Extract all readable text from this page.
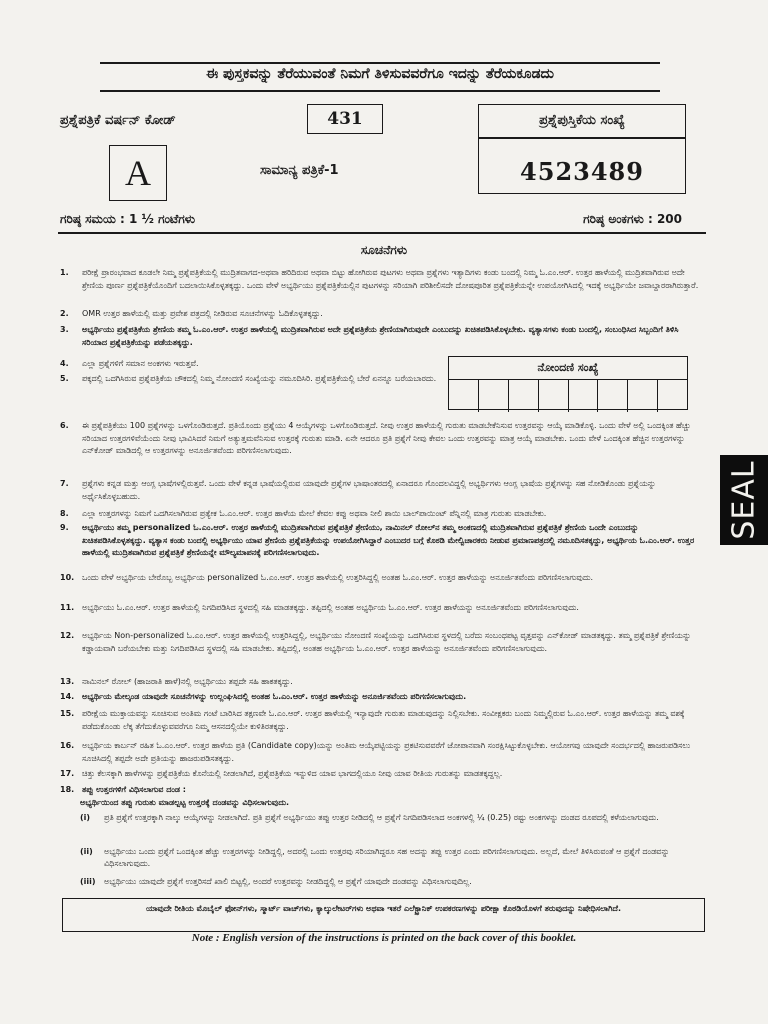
ಈ ಪುಸ್ತಕವನ್ನು ತೆರೆಯುವಂತೆ ನಿಮಗೆ ತಿಳಿಸುವವರೆಗೂ ಇದನ್ನು ತೆರೆಯಕೂಡದು
ಪ್ರಶ್ನೆಪತ್ರಿಕೆ ವರ್ಷನ್ ಕೋಡ್	431	ಪ್ರಶ್ನೆಪುಸ್ತಿಕೆಯ ಸಂಖ್ಯೆ
4523489
A	ಸಾಮಾನ್ಯ ಪತ್ರಿಕೆ-1
ಗರಿಷ್ಠ ಸಮಯ : 1 ½ ಗಂಟೆಗಳು	ಗರಿಷ್ಠ ಅಂಕಗಳು : 200
ಸೂಚನೆಗಳು
1.	ಪರೀಕ್ಷೆ ಪ್ರಾರಂಭವಾದ ಕೂಡಲೇ ನಿಮ್ಮ ಪ್ರಶ್ನೆಪತ್ರಿಕೆಯಲ್ಲಿ ಮುದ್ರಿತವಾಗದ-ಅಥವಾ ಹರಿದಿರುವ ಅಥವಾ ಬಿಟ್ಟು ಹೋಗಿರುವ ಪುಟಗಳು ಅಥವಾ ಪ್ರಶ್ನೆಗಳು ಇತ್ಯಾದಿಗಳು ಕಂಡು ಬಂದಲ್ಲಿ ನಿಮ್ಮ ಓ.ಎಂ.ಆರ್. ಉತ್ತರ ಹಾಳೆಯಲ್ಲಿ ಮುದ್ರಿತವಾಗಿರುವ ಅದೇ ಶ್ರೇಣಿಯ ಪೂರ್ಣ ಪ್ರಶ್ನೆಪತ್ರಿಕೆಯೊಂದಿಗೆ ಬದಲಾಯಿಸಿಕೊಳ್ಳತಕ್ಕದ್ದು. ಒಂದು ವೇಳೆ ಅಭ್ಯರ್ಥಿಯು ಪ್ರಶ್ನೆಪತ್ರಿಕೆಯಲ್ಲಿನ ಪುಟಗಳನ್ನು ಸರಿಯಾಗಿ ಪರಿಶೀಲಿಸದೇ ದೋಷಪೂರಿತ ಪ್ರಶ್ನೆಪತ್ರಿಕೆಯನ್ನೇ ಉಪಯೋಗಿಸಿದಲ್ಲಿ ಇದಕ್ಕೆ ಅಭ್ಯರ್ಥಿಯೇ ಜವಾಬ್ದಾರರಾಗಿರುತ್ತಾರೆ.
2.	OMR ಉತ್ತರ ಹಾಳೆಯಲ್ಲಿ ಮತ್ತು ಪ್ರವೇಶ ಪತ್ರದಲ್ಲಿ ನೀಡಿರುವ ಸೂಚನೆಗಳನ್ನು ಓದಿಕೊಳ್ಳತಕ್ಕದ್ದು.
3.	ಅಭ್ಯರ್ಥಿಯು ಪ್ರಶ್ನೆಪತ್ರಿಕೆಯ ಶ್ರೇಣಿಯ ತಮ್ಮ ಓ.ಎಂ.ಆರ್. ಉತ್ತರ ಹಾಳೆಯಲ್ಲಿ ಮುದ್ರಿತವಾಗಿರುವ ಅದೇ ಪ್ರಶ್ನೆಪತ್ರಿಕೆಯ ಶ್ರೇಣಿಯಾಗಿರುವುದೇ ಎಂಬುದನ್ನು ಖಚಿತಪಡಿಸಿಕೊಳ್ಳಬೇಕು. ವ್ಯತ್ಯಾಸಗಳು ಕಂಡು ಬಂದಲ್ಲಿ, ಸಂಬಂಧಿಸಿದ ಸಿಬ್ಬಂದಿಗೆ ತಿಳಿಸಿ ಸರಿಯಾದ ಪ್ರಶ್ನೆಪತ್ರಿಕೆಯನ್ನು ಪಡೆಯತಕ್ಕದ್ದು.
4.	ಎಲ್ಲಾ ಪ್ರಶ್ನೆಗಳಿಗೆ ಸಮಾನ ಅಂಕಗಳು ಇರುತ್ತವೆ.
5.	ಪಕ್ಕದಲ್ಲಿ ಒದಗಿಸಿರುವ ಪ್ರಶ್ನೆಪತ್ರಿಕೆಯ ಚೌಕದಲ್ಲಿ ನಿಮ್ಮ ನೋಂದಣಿ ಸಂಖ್ಯೆಯನ್ನು ನಮೂದಿಸಿರಿ. ಪ್ರಶ್ನೆಪತ್ರಿಕೆಯಲ್ಲಿ ಬೇರೆ ಏನನ್ನೂ ಬರೆಯಬಾರದು.
6.	ಈ ಪ್ರಶ್ನೆಪತ್ರಿಕೆಯು 100 ಪ್ರಶ್ನೆಗಳನ್ನು ಒಳಗೊಂಡಿರುತ್ತದೆ. ಪ್ರತಿಯೊಂದು ಪ್ರಶ್ನೆಯು 4 ಆಯ್ಕೆಗಳನ್ನು ಒಳಗೊಂಡಿರುತ್ತದೆ. ನೀವು ಉತ್ತರ ಹಾಳೆಯಲ್ಲಿ ಗುರುತು ಮಾಡಬೇಕೆನಿಸುವ ಉತ್ತರವನ್ನು ಆಯ್ಕೆ ಮಾಡಿಕೊಳ್ಳಿ. ಒಂದು ವೇಳೆ ಅಲ್ಲಿ ಒಂದಕ್ಕಿಂತ ಹೆಚ್ಚು ಸರಿಯಾದ ಉತ್ತರಗಳಿವೆಯೆಂದು ನೀವು ಭಾವಿಸಿದರೆ ನಿಮಗೆ ಅತ್ಯುತ್ತಮವೆನಿಸುವ ಉತ್ತರಕ್ಕೆ ಗುರುತು ಮಾಡಿ. ಏನೇ ಆದರೂ ಪ್ರತಿ ಪ್ರಶ್ನೆಗೆ ನೀವು ಕೇವಲ ಒಂದು ಉತ್ತರವನ್ನು ಮಾತ್ರ ಆಯ್ಕೆ ಮಾಡಬೇಕು. ಒಂದು ವೇಳೆ ಒಂದಕ್ಕಿಂತ ಹೆಚ್ಚಿನ ಉತ್ತರಗಳನ್ನು ಎನ್‌ಕೋಡ್ ಮಾಡಿದಲ್ಲಿ ಆ ಉತ್ತರಗಳನ್ನು ಅನೂರ್ಜಿತವೆಂದು ಪರಿಗಣಿಸಲಾಗುವುದು.
7.	ಪ್ರಶ್ನೆಗಳು ಕನ್ನಡ ಮತ್ತು ಆಂಗ್ಲ ಭಾಷೆಗಳಲ್ಲಿರುತ್ತವೆ. ಒಂದು ವೇಳೆ ಕನ್ನಡ ಭಾಷೆಯಲ್ಲಿರುವ ಯಾವುದೇ ಪ್ರಶ್ನೆಗಳ ಭಾಷಾಂತರದಲ್ಲಿ ಏನಾದರೂ ಗೊಂದಲವಿದ್ದಲ್ಲಿ ಅಭ್ಯರ್ಥಿಗಳು ಆಂಗ್ಲ ಭಾಷೆಯ ಪ್ರಶ್ನೆಗಳನ್ನು ಸಹ ನೋಡಿಕೊಂಡು ಪ್ರಶ್ನೆಯನ್ನು ಅರ್ಥೈಸಿಕೊಳ್ಳಬಹುದು.
8.	ಎಲ್ಲಾ ಉತ್ತರಗಳನ್ನು ನಿಮಗೆ ಒದಗಿಸಲಾಗಿರುವ ಪ್ರತ್ಯೇಕ ಓ.ಎಂ.ಆರ್. ಉತ್ತರ ಹಾಳೆಯ ಮೇಲೆ ಕೇವಲ ಕಪ್ಪು ಅಥವಾ ನೀಲಿ ಶಾಯಿ ಬಾಲ್‌ಪಾಯಿಂಟ್ ಪೆನ್ನಿನಲ್ಲಿ ಮಾತ್ರ ಗುರುತು ಮಾಡಬೇಕು.
9.	ಅಭ್ಯರ್ಥಿಯು ತಮ್ಮ personalized ಓ.ಎಂ.ಆರ್. ಉತ್ತರ ಹಾಳೆಯಲ್ಲಿ ಮುದ್ರಿತವಾಗಿರುವ ಪ್ರಶ್ನೆಪತ್ರಿಕೆ ಶ್ರೇಣಿಯು, ನಾಮಿನಲ್ ರೋಲ್‌ನ ತಮ್ಮ ಅಂಕಣದಲ್ಲಿ ಮುದ್ರಿತವಾಗಿರುವ ಪ್ರಶ್ನೆಪತ್ರಿಕೆ ಶ್ರೇಣಿಯ ಒಂದೇ ಎಂಬುದನ್ನು ಖಚಿತಪಡಿಸಿಕೊಳ್ಳತಕ್ಕದ್ದು. ವ್ಯತ್ಯಾಸ ಕಂಡು ಬಂದಲ್ಲಿ ಅಭ್ಯರ್ಥಿಯು ಯಾವ ಶ್ರೇಣಿಯ ಪ್ರಶ್ನೆಪತ್ರಿಕೆಯನ್ನು ಉಪಯೋಗಿಸಿದ್ದಾರೆ ಎಂಬುದರ ಬಗ್ಗೆ ಕೊಠಡಿ ಮೇಲ್ವಿಚಾರಕರು ನೀಡುವ ಪ್ರಮಾಣಪತ್ರದಲ್ಲಿ ನಮೂದಿಸತಕ್ಕದ್ದು, ಅಭ್ಯರ್ಥಿಯ ಓ.ಎಂ.ಆರ್. ಉತ್ತರ ಹಾಳೆಯಲ್ಲಿ ಮುದ್ರಿತವಾಗಿರುವ ಪ್ರಶ್ನೆಪತ್ರಿಕೆ ಶ್ರೇಣಿಯನ್ನೇ ಮೌಲ್ಯಮಾಪನಕ್ಕೆ ಪರಿಗಣಿಸಲಾಗುವುದು.
10. ಒಂದು ವೇಳೆ ಅಭ್ಯರ್ಥಿಯ ಬೇರೊಬ್ಬ ಅಭ್ಯರ್ಥಿಯ personalized ಓ.ಎಂ.ಆರ್. ಉತ್ತರ ಹಾಳೆಯಲ್ಲಿ ಉತ್ತರಿಸಿದ್ದಲ್ಲಿ ಅಂತಹ ಓ.ಎಂ.ಆರ್. ಉತ್ತರ ಹಾಳೆಯನ್ನು ಅನೂರ್ಜಿತವೆಂದು ಪರಿಗಣಿಸಲಾಗುವುದು.
11. ಅಭ್ಯರ್ಥಿಯು ಓ.ಎಂ.ಆರ್. ಉತ್ತರ ಹಾಳೆಯಲ್ಲಿ ನಿಗದಿಪಡಿಸಿದ ಸ್ಥಳದಲ್ಲಿ ಸಹಿ ಮಾಡತಕ್ಕದ್ದು. ತಪ್ಪಿದಲ್ಲಿ ಅಂತಹ ಅಭ್ಯರ್ಥಿಯ ಓ.ಎಂ.ಆರ್. ಉತ್ತರ ಹಾಳೆಯನ್ನು ಅನೂರ್ಜಿತವೆಂದು ಪರಿಗಣಿಸಲಾಗುವುದು.
12. ಅಭ್ಯರ್ಥಿಯ Non-personalized ಓ.ಎಂ.ಆರ್. ಉತ್ತರ ಹಾಳೆಯಲ್ಲಿ ಉತ್ತರಿಸಿದ್ದಲ್ಲಿ, ಅಭ್ಯರ್ಥಿಯು ನೋಂದಣಿ ಸಂಖ್ಯೆಯನ್ನು ಒದಗಿಸಿರುವ ಸ್ಥಳದಲ್ಲಿ ಬರೆದು ಸಂಬಂಧಪಟ್ಟ ವೃತ್ತವನ್ನು ಎನ್‌ಕೋಡ್ ಮಾಡತಕ್ಕದ್ದು. ತಮ್ಮ ಪ್ರಶ್ನೆಪತ್ರಿಕೆ ಶ್ರೇಣಿಯನ್ನು ಕಡ್ಡಾಯವಾಗಿ ಬರೆಯಬೇಕು ಮತ್ತು ನಿಗದಿಪಡಿಸಿದ ಸ್ಥಳದಲ್ಲಿ ಸಹಿ ಮಾಡಬೇಕು. ತಪ್ಪಿದಲ್ಲಿ, ಅಂತಹ ಅಭ್ಯರ್ಥಿಯ ಓ.ಎಂ.ಆರ್. ಉತ್ತರ ಹಾಳೆಯನ್ನು ಅನೂರ್ಜಿತವೆಂದು ಪರಿಗಣಿಸಲಾಗುವುದು.
13. ನಾಮಿನಲ್ ರೋಲ್ (ಹಾಜರಾತಿ ಹಾಳೆ)ನಲ್ಲಿ ಅಭ್ಯರ್ಥಿಯು ತಪ್ಪದೇ ಸಹಿ ಹಾಕತಕ್ಕದ್ದು.
14. ಅಭ್ಯರ್ಥಿಯ ಮೇಲ್ಕಂಡ ಯಾವುದೇ ಸೂಚನೆಗಳನ್ನು ಉಲ್ಲಂಘಿಸಿದಲ್ಲಿ ಅಂತಹ ಓ.ಎಂ.ಆರ್. ಉತ್ತರ ಹಾಳೆಯನ್ನು ಅನೂರ್ಜಿತವೆಂದು ಪರಿಗಣಿಸಲಾಗುವುದು.
15. ಪರೀಕ್ಷೆಯ ಮುಕ್ತಾಯವನ್ನು ಸೂಚಿಸುವ ಅಂತಿಮ ಗಂಟೆ ಬಾರಿಸಿದ ತಕ್ಷಣವೇ ಓ.ಎಂ.ಆರ್. ಉತ್ತರ ಹಾಳೆಯಲ್ಲಿ ಇನ್ಯಾವುದೇ ಗುರುತು ಮಾಡುವುದನ್ನು ನಿಲ್ಲಿಸಬೇಕು. ಸಂವೀಕ್ಷಕರು ಬಂದು ನಿಮ್ಮಲ್ಲಿರುವ ಓ.ಎಂ.ಆರ್. ಉತ್ತರ ಹಾಳೆಯನ್ನು ತಮ್ಮ ವಶಕ್ಕೆ ಪಡೆದುಕೊಂಡು ಲೆಕ್ಕ ತೆಗೆದುಕೊಳ್ಳುವವರೆಗೂ ನಿಮ್ಮ ಆಸನದಲ್ಲಿಯೇ ಕುಳಿತಿರತಕ್ಕದ್ದು.
16. ಅಭ್ಯರ್ಥಿಯ ಕಾರ್ಬನ್ ರಹಿತ ಓ.ಎಂ.ಆರ್. ಉತ್ತರ ಹಾಳೆಯ ಪ್ರತಿ (Candidate copy)ಯನ್ನು ಅಂತಿಮ ಆಯ್ಕೆಪಟ್ಟಿಯನ್ನು ಪ್ರಕಟಿಸುವವರೆಗೆ ಜೋಪಾನವಾಗಿ ಸಂರಕ್ಷಿಸಿಟ್ಟುಕೊಳ್ಳಬೇಕು. ಆಯೋಗವು ಯಾವುದೇ ಸಂದರ್ಭದಲ್ಲಿ ಹಾಜರುಪಡಿಸಲು ಸೂಚಿಸಿದಲ್ಲಿ ತಪ್ಪದೇ ಅದೇ ಪ್ರತಿಯನ್ನು ಹಾಜರುಪಡಿಸತಕ್ಕದ್ದು.
17. ಚಿತ್ತು ಕೆಲಸಕ್ಕಾಗಿ ಹಾಳೆಗಳನ್ನು ಪ್ರಶ್ನೆಪತ್ರಿಕೆಯ ಕೊನೆಯಲ್ಲಿ ನೀಡಲಾಗಿದೆ, ಪ್ರಶ್ನೆಪತ್ರಿಕೆಯ ಇನ್ನುಳಿದ ಯಾವ ಭಾಗದಲ್ಲಿಯೂ ನೀವು ಯಾವ ರೀತಿಯ ಗುರುತನ್ನು ಮಾಡತಕ್ಕದ್ದಲ್ಲ.
18. ತಪ್ಪು ಉತ್ತರಗಳಿಗೆ ವಿಧಿಸಲಾಗುವ ದಂಡ :
ನೋಂದಣಿ ಸಂಖ್ಯೆ
ಅಭ್ಯರ್ಥಿಯಿಂದ ತಪ್ಪು ಗುರುತು ಮಾಡಲ್ಪಟ್ಟ ಉತ್ತರಕ್ಕೆ ದಂಡವನ್ನು ವಿಧಿಸಲಾಗುವುದು.
(i)	ಪ್ರತಿ ಪ್ರಶ್ನೆಗೆ ಉತ್ತರಕ್ಕಾಗಿ ನಾಲ್ಕು ಆಯ್ಕೆಗಳನ್ನು ನೀಡಲಾಗಿದೆ. ಪ್ರತಿ ಪ್ರಶ್ನೆಗೆ ಅಭ್ಯರ್ಥಿಯು ತಪ್ಪು ಉತ್ತರ ನೀಡಿದಲ್ಲಿ ಆ ಪ್ರಶ್ನೆಗೆ ನಿಗದಿಪಡಿಸಲಾದ ಅಂಕಗಳಲ್ಲಿ ¼ (0.25) ರಷ್ಟು ಅಂಕಗಳನ್ನು ದಂಡದ ರೂಪದಲ್ಲಿ ಕಳೆಯಲಾಗುವುದು.
(ii)	ಅಭ್ಯರ್ಥಿಯು ಒಂದು ಪ್ರಶ್ನೆಗೆ ಒಂದಕ್ಕಿಂತ ಹೆಚ್ಚು ಉತ್ತರಗಳನ್ನು ನೀಡಿದ್ದಲ್ಲಿ, ಅದರಲ್ಲಿ ಒಂದು ಉತ್ತರವು ಸರಿಯಾಗಿದ್ದರೂ ಸಹ ಅದನ್ನು ತಪ್ಪು ಉತ್ತರ ಎಂದು ಪರಿಗಣಿಸಲಾಗುವುದು. ಅಲ್ಲದೆ, ಮೇಲೆ ತಿಳಿಸಿರುವಂತೆ ಆ ಪ್ರಶ್ನೆಗೆ ದಂಡವನ್ನು ವಿಧಿಸಲಾಗುವುದು.
(iii)	ಅಭ್ಯರ್ಥಿಯು ಯಾವುದೇ ಪ್ರಶ್ನೆಗೆ ಉತ್ತರಿಸದೆ ಖಾಲಿ ಬಿಟ್ಟಲ್ಲಿ, ಅಂದರೆ ಉತ್ತರವನ್ನು ನೀಡದಿದ್ದಲ್ಲಿ ಆ ಪ್ರಶ್ನೆಗೆ ಯಾವುದೇ ದಂಡವನ್ನು ವಿಧಿಸಲಾಗುವುದಿಲ್ಲ.
ಯಾವುದೇ ರೀತಿಯ ಮೊಬೈಲ್ ಫೋನ್‌ಗಳು, ಸ್ಮಾರ್ಟ್ ವಾಚ್‌ಗಳು, ಕ್ಯಾಲ್ಕುಲೇಟರ್‌ಗಳು ಅಥವಾ ಇತರೆ ಎಲೆಕ್ಟ್ರಾನಿಕ್ ಉಪಕರಣಗಳನ್ನು ಪರೀಕ್ಷಾ ಕೊಠಡಿಯೊಳಗೆ ತರುವುದನ್ನು ನಿಷೇಧಿಸಲಾಗಿದೆ.
Note : English version of the instructions is printed on the back cover of this booklet.
SEAL
